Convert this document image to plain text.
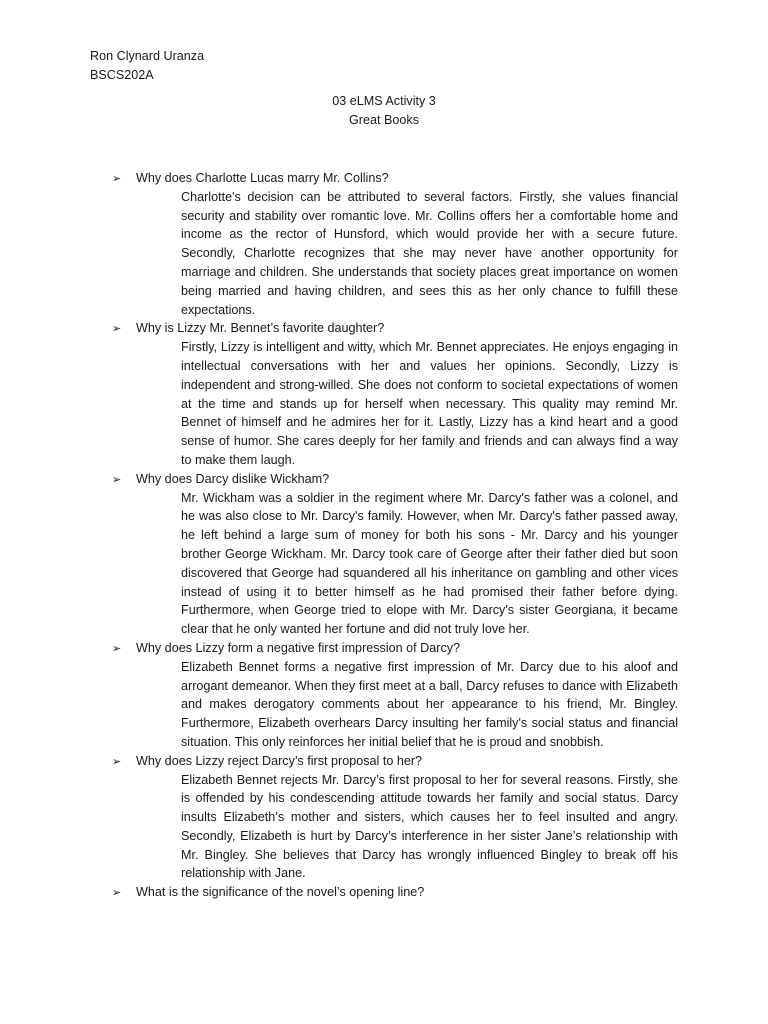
Ron Clynard Uranza
BSCS202A
03 eLMS Activity 3
Great Books
➢	Why does Charlotte Lucas marry Mr. Collins?
Charlotte's decision can be attributed to several factors. Firstly, she values financial security and stability over romantic love. Mr. Collins offers her a comfortable home and income as the rector of Hunsford, which would provide her with a secure future. Secondly, Charlotte recognizes that she may never have another opportunity for marriage and children. She understands that society places great importance on women being married and having children, and sees this as her only chance to fulfill these expectations.
➢	Why is Lizzy Mr. Bennet’s favorite daughter?
Firstly, Lizzy is intelligent and witty, which Mr. Bennet appreciates. He enjoys engaging in intellectual conversations with her and values her opinions. Secondly, Lizzy is independent and strong-willed. She does not conform to societal expectations of women at the time and stands up for herself when necessary. This quality may remind Mr. Bennet of himself and he admires her for it. Lastly, Lizzy has a kind heart and a good sense of humor. She cares deeply for her family and friends and can always find a way to make them laugh.
➢	Why does Darcy dislike Wickham?
Mr. Wickham was a soldier in the regiment where Mr. Darcy's father was a colonel, and he was also close to Mr. Darcy's family. However, when Mr. Darcy's father passed away, he left behind a large sum of money for both his sons - Mr. Darcy and his younger brother George Wickham. Mr. Darcy took care of George after their father died but soon discovered that George had squandered all his inheritance on gambling and other vices instead of using it to better himself as he had promised their father before dying. Furthermore, when George tried to elope with Mr. Darcy's sister Georgiana, it became clear that he only wanted her fortune and did not truly love her.
➢	Why does Lizzy form a negative first impression of Darcy?
Elizabeth Bennet forms a negative first impression of Mr. Darcy due to his aloof and arrogant demeanor. When they first meet at a ball, Darcy refuses to dance with Elizabeth and makes derogatory comments about her appearance to his friend, Mr. Bingley. Furthermore, Elizabeth overhears Darcy insulting her family's social status and financial situation. This only reinforces her initial belief that he is proud and snobbish.
➢	Why does Lizzy reject Darcy’s first proposal to her?
Elizabeth Bennet rejects Mr. Darcy’s first proposal to her for several reasons. Firstly, she is offended by his condescending attitude towards her family and social status. Darcy insults Elizabeth’s mother and sisters, which causes her to feel insulted and angry. Secondly, Elizabeth is hurt by Darcy’s interference in her sister Jane’s relationship with Mr. Bingley. She believes that Darcy has wrongly influenced Bingley to break off his relationship with Jane.
➢	What is the significance of the novel’s opening line?
